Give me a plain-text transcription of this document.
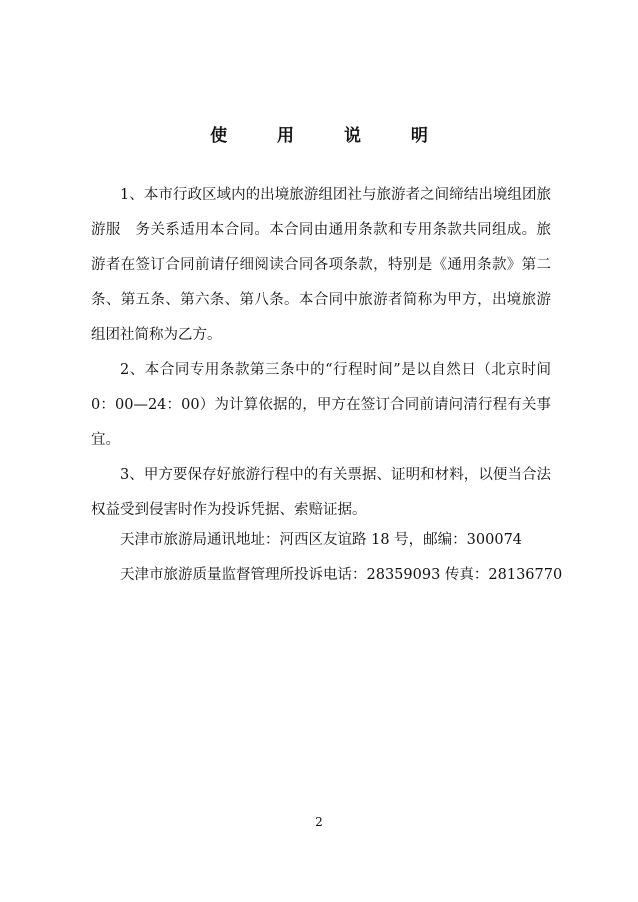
使 用 说 明

1、本市行政区域内的出境旅游组团社与旅游者之间缔结出境组团旅游服　务关系适用本合同。本合同由通用条款和专用条款共同组成。旅游者在签订合同前请仔细阅读合同各项条款，特别是《通用条款》第二条、第五条、第六条、第八条。本合同中旅游者简称为甲方，出境旅游组团社简称为乙方。

2、本合同专用条款第三条中的“行程时间”是以自然日（北京时间 0：00—24：00）为计算依据的，甲方在签订合同前请问清行程有关事宜。

3、甲方要保存好旅游行程中的有关票据、证明和材料，以便当合法权益受到侵害时作为投诉凭据、索赔证据。

天津市旅游局通讯地址：河西区友谊路 18 号，邮编：300074
天津市旅游质量监督管理所投诉电话：28359093 传真：28136770
2
